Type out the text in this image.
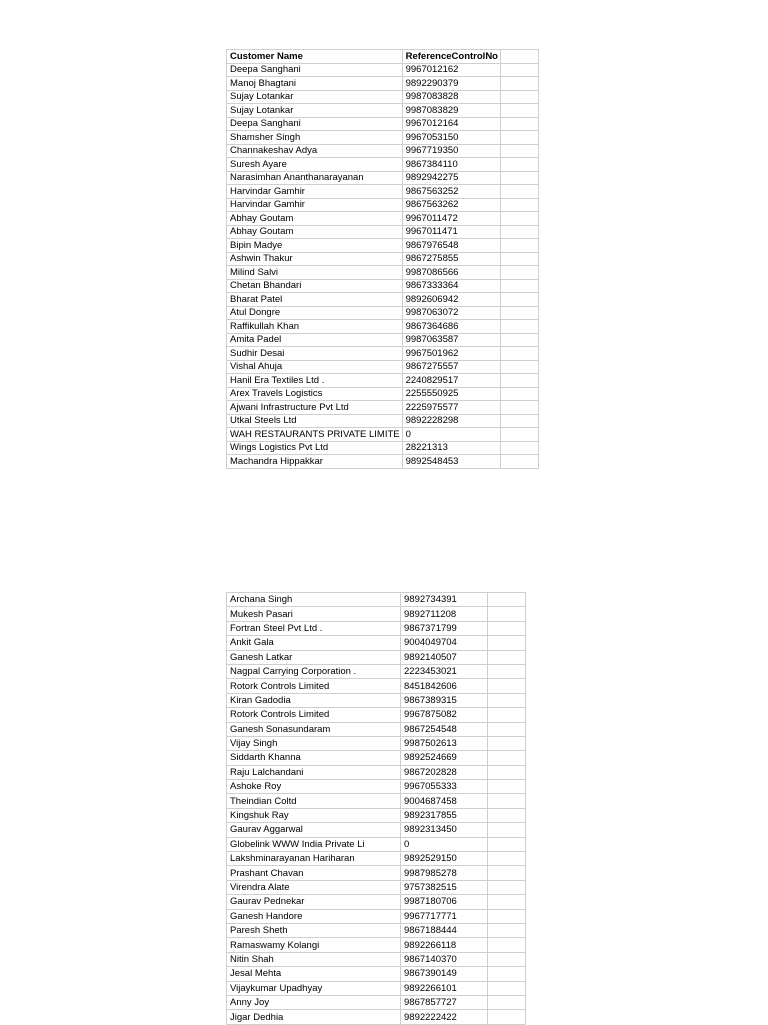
Customer Name	ReferenceControlNo	
Deepa Sanghani	9967012162	
Manoj Bhagtani	9892290379	
Sujay Lotankar	9987083828	
Sujay Lotankar	9987083829	
Deepa Sanghani	9967012164	
Shamsher Singh	9967053150	
Channakeshav Adya	9967719350	
Suresh Ayare	9867384110	
Narasimhan Ananthanarayanan	9892942275	
Harvindar Gamhir	9867563252	
Harvindar Gamhir	9867563262	
Abhay Goutam	9967011472	
Abhay Goutam	9967011471	
Bipin Madye	9867976548	
Ashwin Thakur	9867275855	
Milind Salvi	9987086566	
Chetan Bhandari	9867333364	
Bharat Patel	9892606942	
Atul Dongre	9987063072	
Raffikullah Khan	9867364686	
Amita Padel	9987063587	
Sudhir Desai	9967501962	
Vishal Ahuja	9867275557	
Hanil Era Textiles Ltd .	2240829517	
Arex Travels Logistics	2255550925	
Ajwani Infrastructure Pvt Ltd	2225975577	
Utkal Steels Ltd	9892228298	
WAH RESTAURANTS PRIVATE LIMITE	0	
Wings Logistics Pvt Ltd	28221313	
Machandra Hippakkar	9892548453	
Archana Singh	9892734391	
Mukesh Pasari	9892711208	
Fortran Steel Pvt Ltd .	9867371799	
Ankit Gala	9004049704	
Ganesh Latkar	9892140507	
Nagpal Carrying Corporation .	2223453021	
Rotork Controls Limited	8451842606	
Kiran Gadodia	9867389315	
Rotork Controls Limited	9967875082	
Ganesh Sonasundaram	9867254548	
Vijay Singh	9987502613	
Siddarth Khanna	9892524669	
Raju Lalchandani	9867202828	
Ashoke Roy	9967055333	
Theindian Coltd	9004687458	
Kingshuk Ray	9892317855	
Gaurav Aggarwal	9892313450	
Globelink WWW India Private Li	0	
Lakshminarayanan Hariharan	9892529150	
Prashant Chavan	9987985278	
Virendra Alate	9757382515	
Gaurav Pednekar	9987180706	
Ganesh Handore	9967717771	
Paresh Sheth	9867188444	
Ramaswamy Kolangi	9892266118	
Nitin Shah	9867140370	
Jesal Mehta	9867390149	
Vijaykumar Upadhyay	9892266101	
Anny Joy	9867857727	
Jigar Dedhia	9892222422	
